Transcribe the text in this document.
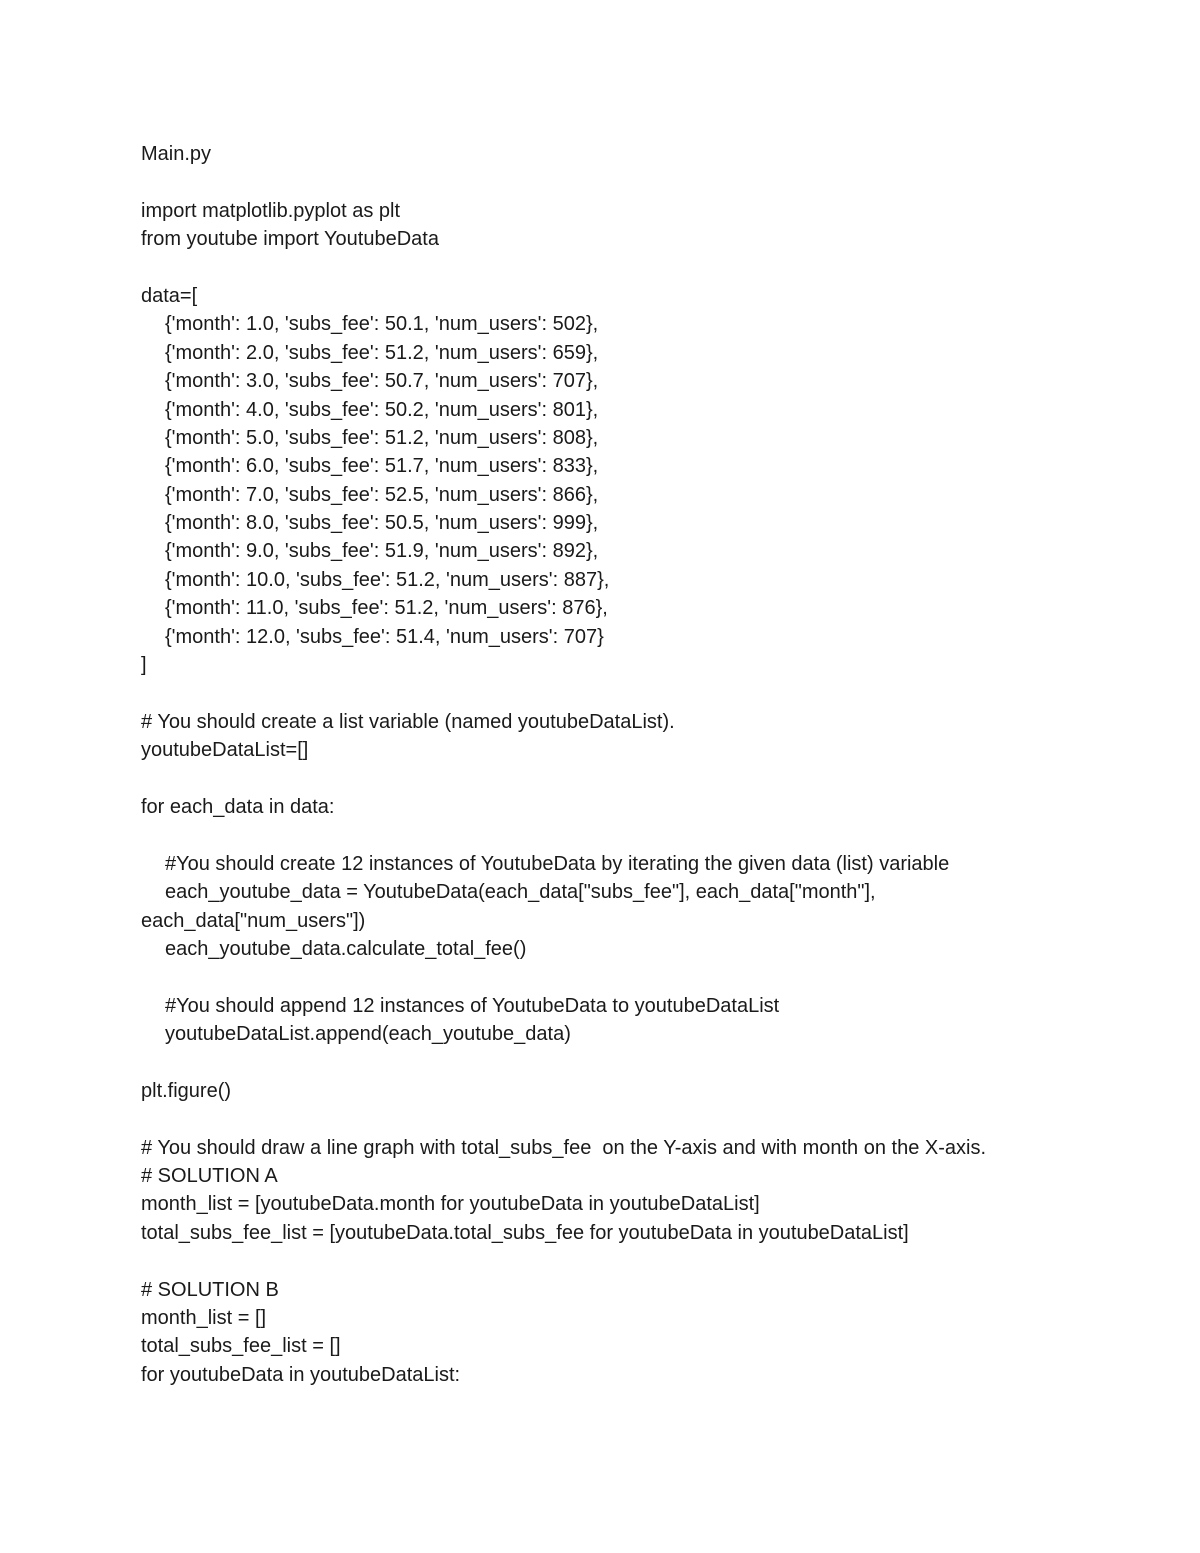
Main.py
import matplotlib.pyplot as plt
from youtube import YoutubeData
data=[
{'month': 1.0, 'subs_fee': 50.1, 'num_users': 502},
{'month': 2.0, 'subs_fee': 51.2, 'num_users': 659},
{'month': 3.0, 'subs_fee': 50.7, 'num_users': 707},
{'month': 4.0, 'subs_fee': 50.2, 'num_users': 801},
{'month': 5.0, 'subs_fee': 51.2, 'num_users': 808},
{'month': 6.0, 'subs_fee': 51.7, 'num_users': 833},
{'month': 7.0, 'subs_fee': 52.5, 'num_users': 866},
{'month': 8.0, 'subs_fee': 50.5, 'num_users': 999},
{'month': 9.0, 'subs_fee': 51.9, 'num_users': 892},
{'month': 10.0, 'subs_fee': 51.2, 'num_users': 887},
{'month': 11.0, 'subs_fee': 51.2, 'num_users': 876},
{'month': 12.0, 'subs_fee': 51.4, 'num_users': 707}
]
# You should create a list variable (named youtubeDataList).
youtubeDataList=[]
for each_data in data:
#You should create 12 instances of YoutubeData by iterating the given data (list) variable
each_youtube_data = YoutubeData(each_data["subs_fee"], each_data["month"],
each_data["num_users"])
each_youtube_data.calculate_total_fee()
#You should append 12 instances of YoutubeData to youtubeDataList
youtubeDataList.append(each_youtube_data)
plt.figure()
# You should draw a line graph with total_subs_fee  on the Y-axis and with month on the X-axis.
# SOLUTION A
month_list = [youtubeData.month for youtubeData in youtubeDataList]
total_subs_fee_list = [youtubeData.total_subs_fee for youtubeData in youtubeDataList]
# SOLUTION B
month_list = []
total_subs_fee_list = []
for youtubeData in youtubeDataList:
